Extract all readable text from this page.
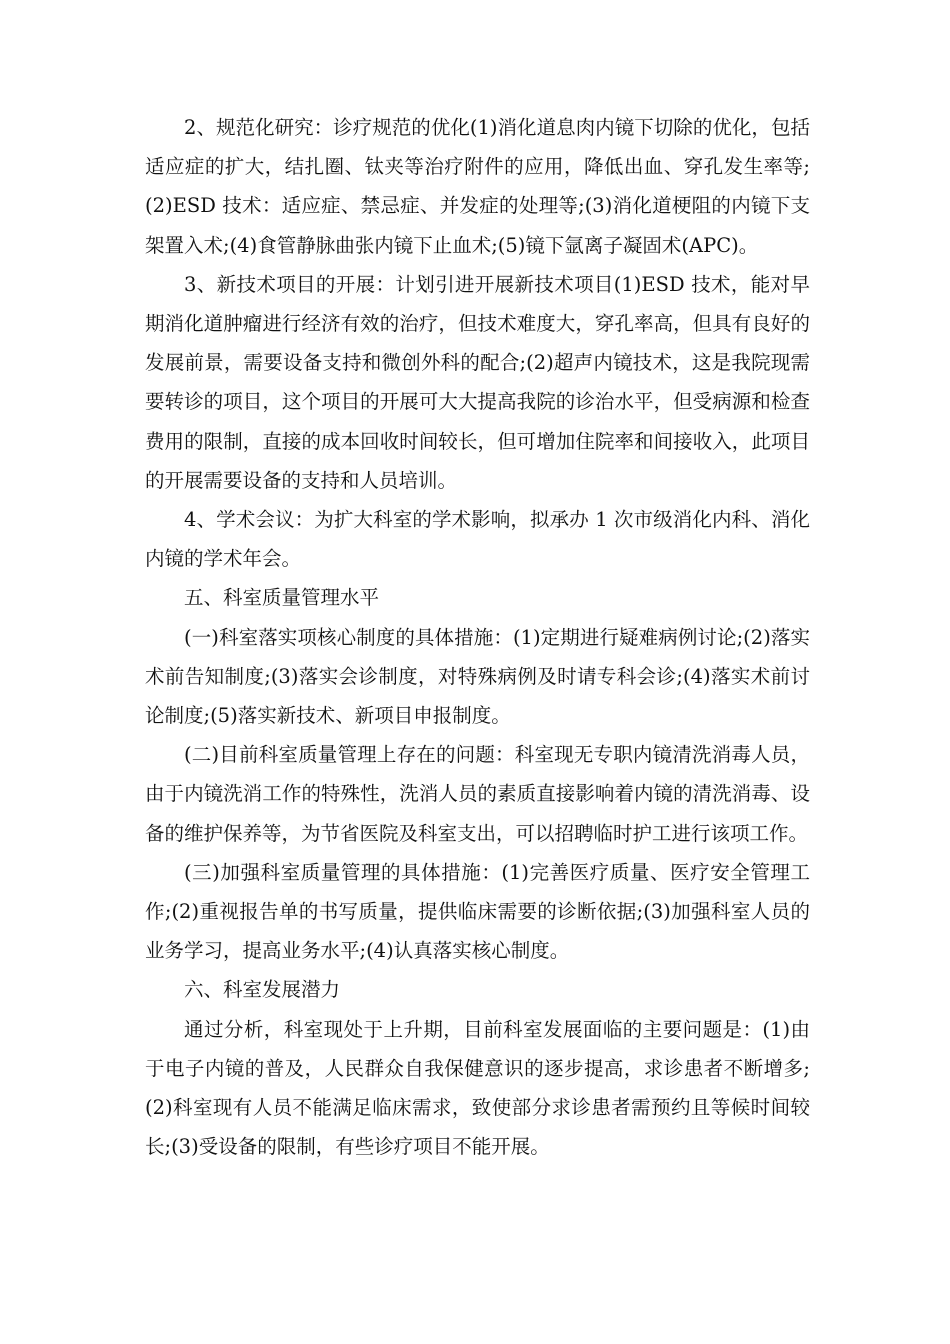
2、规范化研究：诊疗规范的优化(1)消化道息肉内镜下切除的优化，包括适应症的扩大，结扎圈、钛夹等治疗附件的应用，降低出血、穿孔发生率等;(2)ESD 技术：适应症、禁忌症、并发症的处理等;(3)消化道梗阻的内镜下支架置入术;(4)食管静脉曲张内镜下止血术;(5)镜下氩离子凝固术(APC)。

3、新技术项目的开展：计划引进开展新技术项目(1)ESD 技术，能对早期消化道肿瘤进行经济有效的治疗，但技术难度大，穿孔率高，但具有良好的发展前景，需要设备支持和微创外科的配合;(2)超声内镜技术，这是我院现需要转诊的项目，这个项目的开展可大大提高我院的诊治水平，但受病源和检查费用的限制，直接的成本回收时间较长，但可增加住院率和间接收入，此项目的开展需要设备的支持和人员培训。

4、学术会议：为扩大科室的学术影响，拟承办 1 次市级消化内科、消化内镜的学术年会。

五、科室质量管理水平

(一)科室落实项核心制度的具体措施：(1)定期进行疑难病例讨论;(2)落实术前告知制度;(3)落实会诊制度，对特殊病例及时请专科会诊;(4)落实术前讨论制度;(5)落实新技术、新项目申报制度。

(二)目前科室质量管理上存在的问题：科室现无专职内镜清洗消毒人员，由于内镜洗消工作的特殊性，洗消人员的素质直接影响着内镜的清洗消毒、设备的维护保养等，为节省医院及科室支出，可以招聘临时护工进行该项工作。

(三)加强科室质量管理的具体措施：(1)完善医疗质量、医疗安全管理工作;(2)重视报告单的书写质量，提供临床需要的诊断依据;(3)加强科室人员的业务学习，提高业务水平;(4)认真落实核心制度。

六、科室发展潜力

通过分析，科室现处于上升期，目前科室发展面临的主要问题是：(1)由于电子内镜的普及，人民群众自我保健意识的逐步提高，求诊患者不断增多;(2)科室现有人员不能满足临床需求，致使部分求诊患者需预约且等候时间较长;(3)受设备的限制，有些诊疗项目不能开展。
